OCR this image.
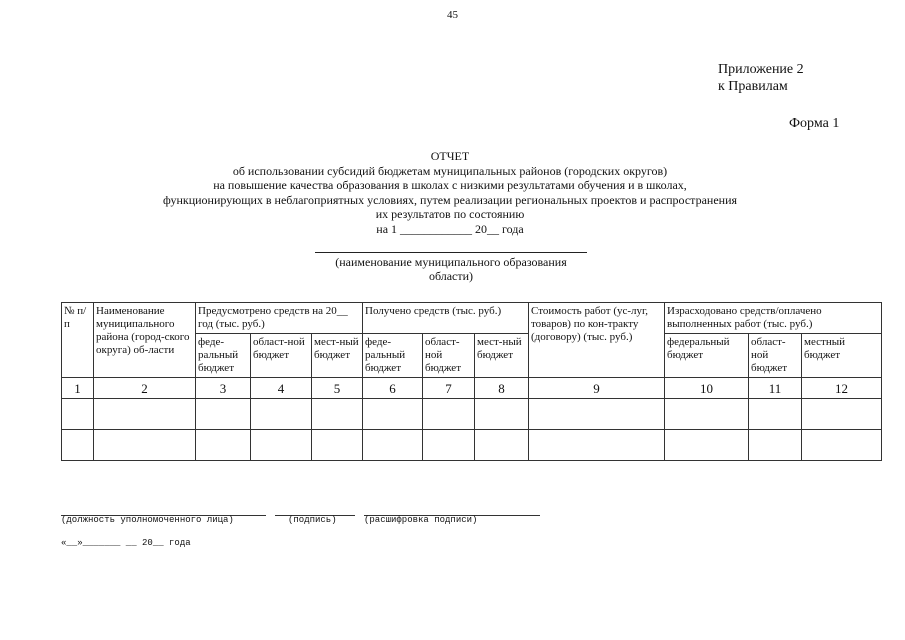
45
Приложение 2
к Правилам
Форма 1
ОТЧЕТ
об использовании субсидий бюджетам муниципальных районов (городских округов)
на повышение качества образования в школах с низкими результатами обучения и в школах,
функционирующих в неблагоприятных условиях, путем реализации региональных проектов и распространения
их результатов по состоянию
на 1 ____________ 20__ года
(наименование муниципального образования
области)
№ п/п	Наименование муниципального района (город-ского округа) об-ласти	Предусмотрено средств на 20__ год (тыс. руб.)			Получено средств (тыс. руб.)			Стоимость работ (ус-луг, товаров) по кон-тракту (договору) (тыс. руб.)	Израсходовано средств/оплачено выполненных работ (тыс. руб.)		
		феде-ральный бюджет	област-ной бюджет	мест-ный бюджет	феде-ральный бюджет	област-ной бюджет	мест-ный бюджет		федеральный бюджет	област-ной бюджет	местный бюджет
1	2	3	4	5	6	7	8	9	10	11	12

(должность уполномоченного лица)	(подпись)	(расшифровка подписи)
«__»_______ __ 20__ года
